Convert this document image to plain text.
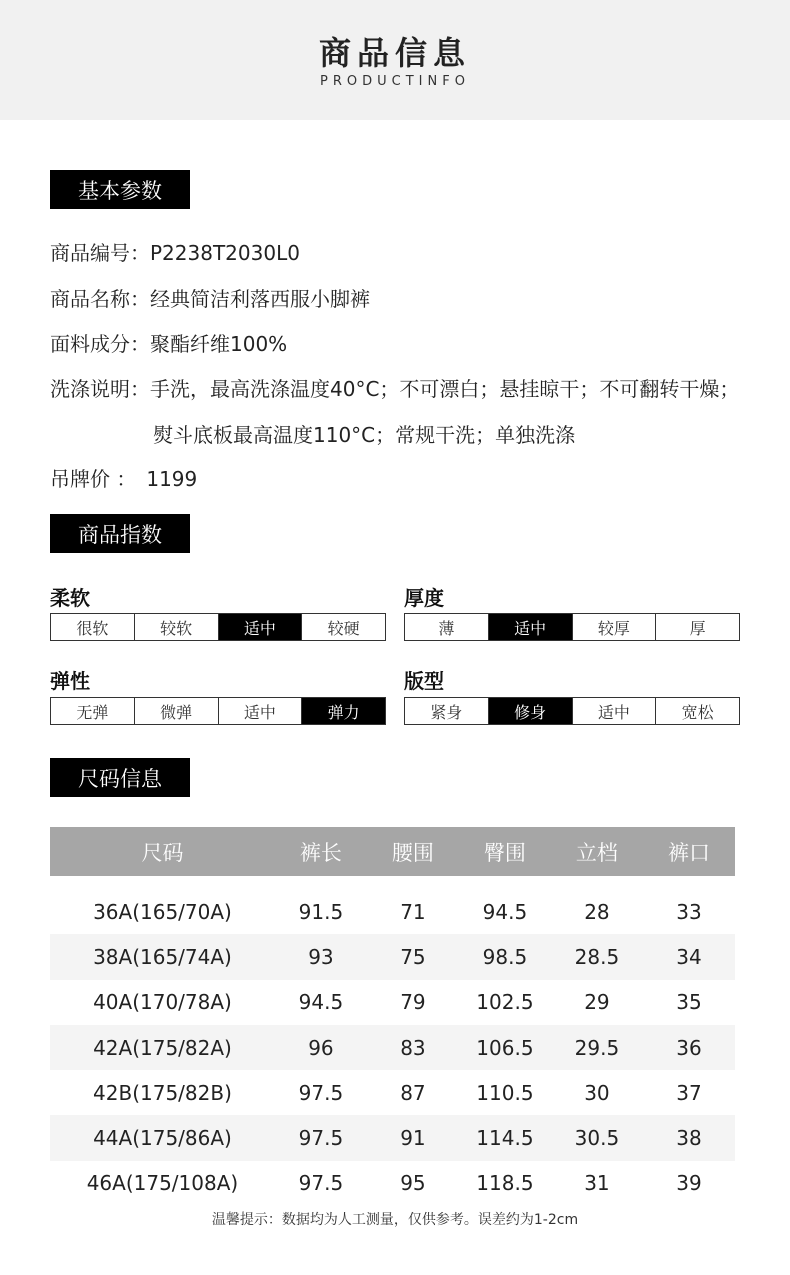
商品信息
PRODUCTINFO
基本参数
商品编号：P2238T2030L0
商品名称：经典简洁利落西服小脚裤
面料成分：聚酯纤维100%
洗涤说明：手洗，最高洗涤温度40°C；不可漂白；悬挂晾干；不可翻转干燥；
熨斗底板最高温度110°C；常规干洗；单独洗涤
吊牌价 ： 1199
商品指数
柔软
很软	较软	适中	较硬
厚度
薄	适中	较厚	厚
弹性
无弹	微弹	适中	弹力
版型
紧身	修身	适中	宽松
尺码信息
尺码	裤长	腰围	臀围	立档	裤口

36A(165/70A)	91.5	71	94.5	28	33
38A(165/74A)	93	75	98.5	28.5	34
40A(170/78A)	94.5	79	102.5	29	35
42A(175/82A)	96	83	106.5	29.5	36
42B(175/82B)	97.5	87	110.5	30	37
44A(175/86A)	97.5	91	114.5	30.5	38
46A(175/108A)	97.5	95	118.5	31	39
温馨提示：数据均为人工测量，仅供参考。误差约为1-2cm
